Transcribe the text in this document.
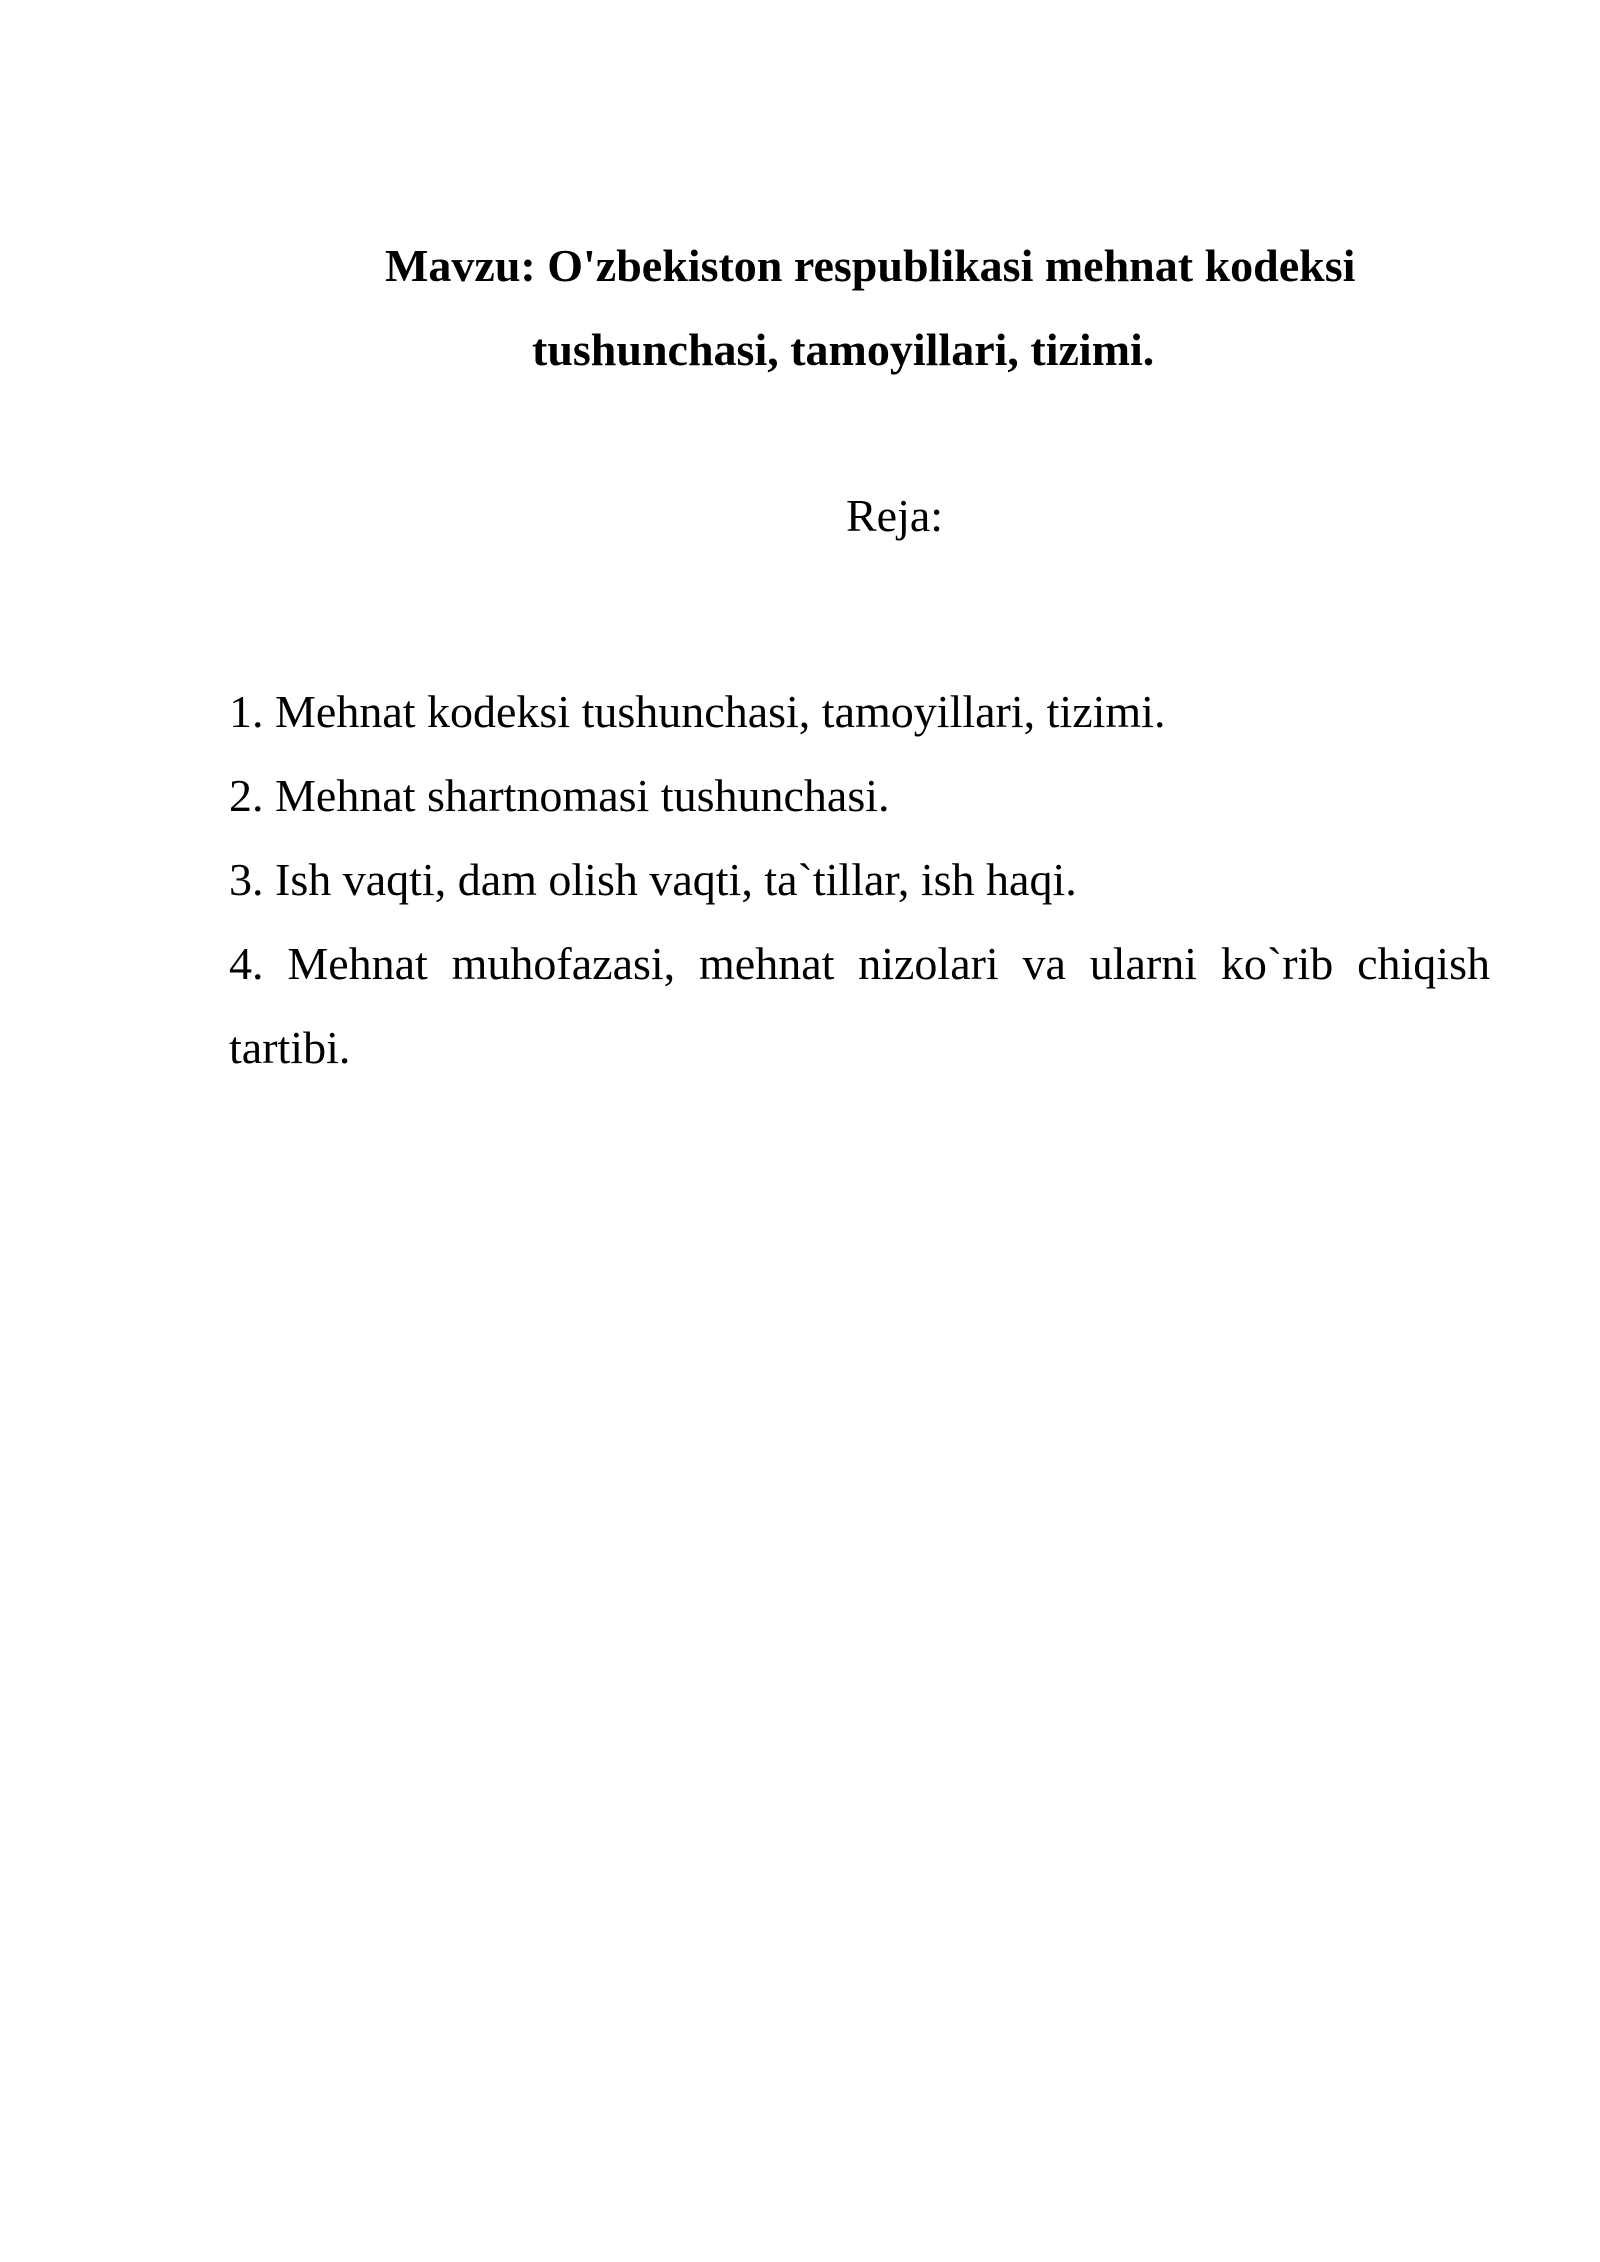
Mavzu: O'zbekiston respublikasi mehnat kodeksi
tushunchasi, tamoyillari, tizimi.
Reja:
1. Mehnat kodeksi tushunchasi, tamoyillari, tizimi.
2. Mehnat shartnomasi tushunchasi.
3. Ish vaqti, dam olish vaqti, ta`tillar, ish haqi.
4. Mehnat muhofazasi, mehnat nizolari va ularni ko`rib chiqish tartibi.
